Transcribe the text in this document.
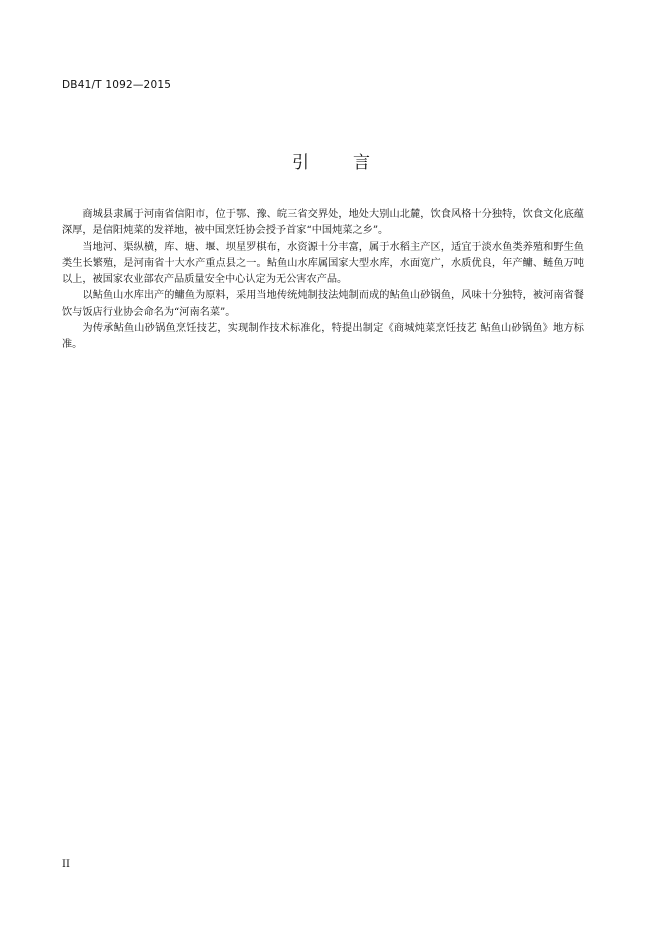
DB41/T 1092—2015
引	言

商城县隶属于河南省信阳市，位于鄂、豫、皖三省交界处，地处大别山北麓，饮食风格十分独特，饮食文化底蕴深厚，是信阳炖菜的发祥地，被中国烹饪协会授予首家“中国炖菜之乡”。

当地河、渠纵横，库、塘、堰、坝星罗棋布，水资源十分丰富，属于水稻主产区，适宜于淡水鱼类养殖和野生鱼类生长繁殖，是河南省十大水产重点县之一。鲇鱼山水库属国家大型水库，水面宽广，水质优良，年产鳙、鲢鱼万吨以上，被国家农业部农产品质量安全中心认定为无公害农产品。

以鲇鱼山水库出产的鳙鱼为原料，采用当地传统炖制技法炖制而成的鲇鱼山砂锅鱼，风味十分独特，被河南省餐饮与饭店行业协会命名为“河南名菜”。

为传承鲇鱼山砂锅鱼烹饪技艺，实现制作技术标准化，特提出制定《商城炖菜烹饪技艺 鲇鱼山砂锅鱼》地方标准。

II
